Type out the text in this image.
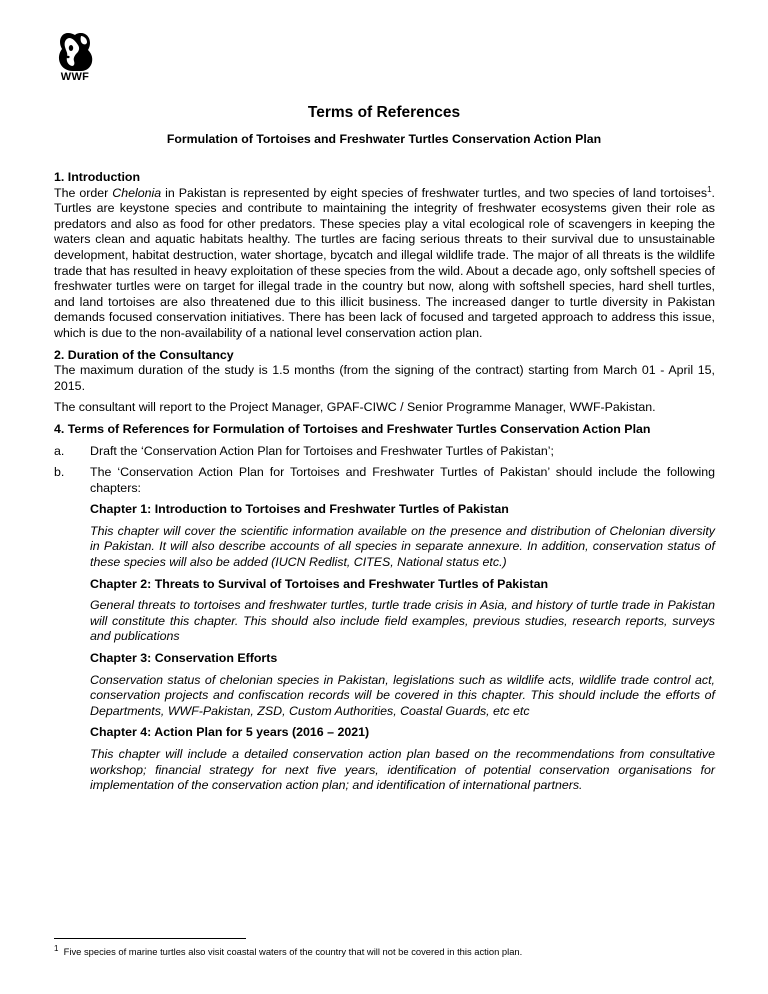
WWF
Terms of References
Formulation of Tortoises and Freshwater Turtles Conservation Action Plan

1. Introduction

The order Chelonia in Pakistan is represented by eight species of freshwater turtles, and two species of land tortoises$^1$. Turtles are keystone species and contribute to maintaining the integrity of freshwater ecosystems given their role as predators and also as food for other predators. These species play a vital ecological role of scavengers in keeping the waters clean and aquatic habitats healthy. The turtles are facing serious threats to their survival due to unsustainable development, habitat destruction, water shortage, bycatch and illegal wildlife trade. The major of all threats is the wildlife trade that has resulted in heavy exploitation of these species from the wild. About a decade ago, only softshell species of freshwater turtles were on target for illegal trade in the country but now, along with softshell species, hard shell turtles, and land tortoises are also threatened due to this illicit business. The increased danger to turtle diversity in Pakistan demands focused conservation initiatives. There has been lack of focused and targeted approach to address this issue, which is due to the non-availability of a national level conservation action plan.

2. Duration of the Consultancy

The maximum duration of the study is 1.5 months (from the signing of the contract) starting from March 01 - April 15, 2015.

The consultant will report to the Project Manager, GPAF-CIWC / Senior Programme Manager, WWF-Pakistan.

4. Terms of References for Formulation of Tortoises and Freshwater Turtles Conservation Action Plan

a.	Draft the ‘Conservation Action Plan for Tortoises and Freshwater Turtles of Pakistan’;
b.	The ‘Conservation Action Plan for Tortoises and Freshwater Turtles of Pakistan’ should include the following chapters:
Chapter 1: Introduction to Tortoises and Freshwater Turtles of Pakistan
This chapter will cover the scientific information available on the presence and distribution of Chelonian diversity in Pakistan. It will also describe accounts of all species in separate annexure. In addition, conservation status of these species will also be added (IUCN Redlist, CITES, National status etc.)
Chapter 2: Threats to Survival of Tortoises and Freshwater Turtles of Pakistan
General threats to tortoises and freshwater turtles, turtle trade crisis in Asia, and history of turtle trade in Pakistan will constitute this chapter. This should also include field examples, previous studies, research reports, surveys and publications
Chapter 3: Conservation Efforts
Conservation status of chelonian species in Pakistan, legislations such as wildlife acts, wildlife trade control act, conservation projects and confiscation records will be covered in this chapter. This should include the efforts of Departments, WWF-Pakistan, ZSD, Custom Authorities, Coastal Guards, etc etc
Chapter 4: Action Plan for 5 years (2016 – 2021)
This chapter will include a detailed conservation action plan based on the recommendations from consultative workshop; financial strategy for next five years, identification of potential conservation organisations for implementation of the conservation action plan; and identification of international partners.
$^1$ Five species of marine turtles also visit coastal waters of the country that will not be covered in this action plan.
